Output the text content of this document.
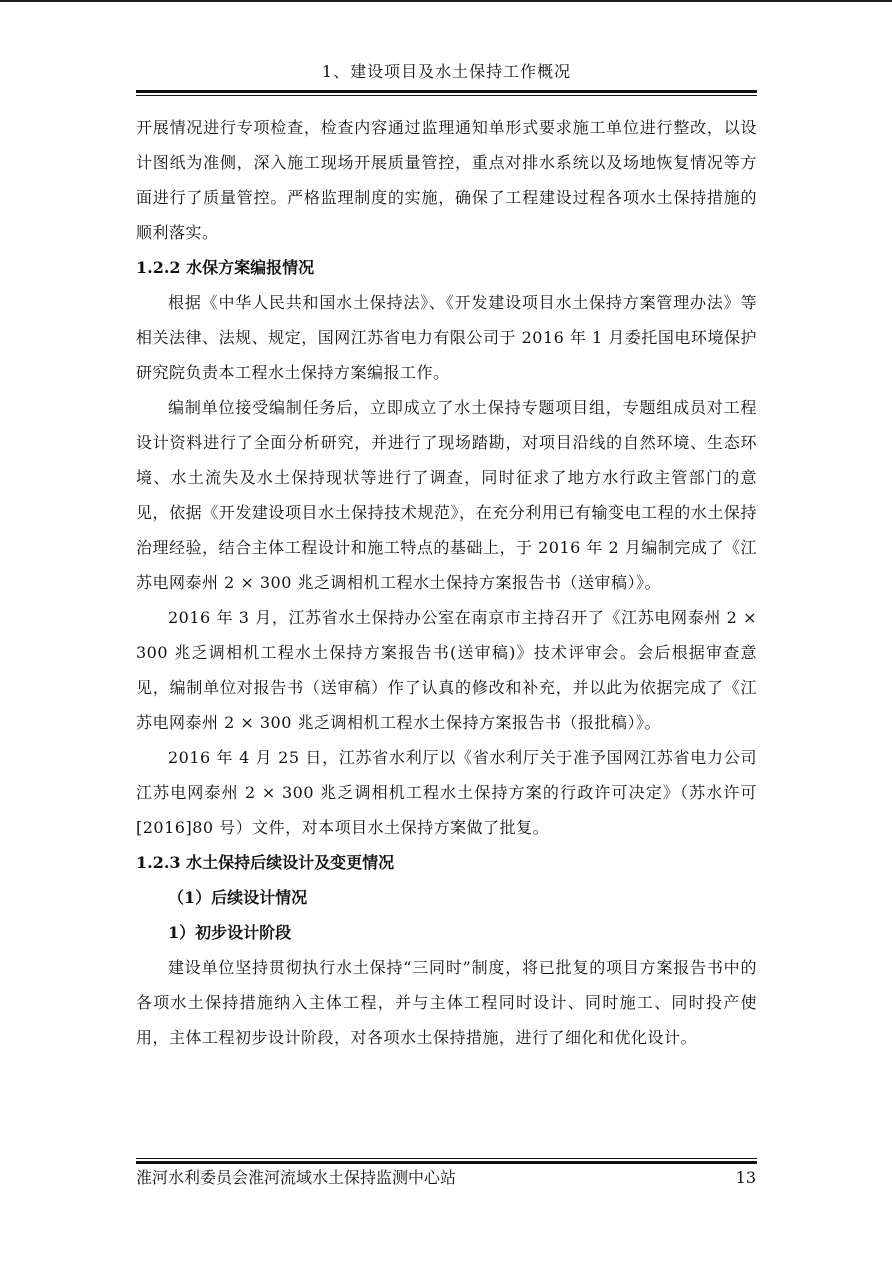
1、建设项目及水土保持工作概况

开展情况进行专项检查，检查内容通过监理通知单形式要求施工单位进行整改，以设计图纸为准侧，深入施工现场开展质量管控，重点对排水系统以及场地恢复情况等方面进行了质量管控。严格监理制度的实施，确保了工程建设过程各项水土保持措施的顺利落实。

1.2.2 水保方案编报情况

根据《中华人民共和国水土保持法》、《开发建设项目水土保持方案管理办法》等相关法律、法规、规定，国网江苏省电力有限公司于 2016 年 1 月委托国电环境保护研究院负责本工程水土保持方案编报工作。

编制单位接受编制任务后，立即成立了水土保持专题项目组，专题组成员对工程设计资料进行了全面分析研究，并进行了现场踏勘，对项目沿线的自然环境、生态环境、水土流失及水土保持现状等进行了调查，同时征求了地方水行政主管部门的意见，依据《开发建设项目水土保持技术规范》，在充分利用已有输变电工程的水土保持治理经验，结合主体工程设计和施工特点的基础上，于 2016 年 2 月编制完成了《江苏电网泰州 2 × 300 兆乏调相机工程水土保持方案报告书（送审稿）》。

2016 年 3 月，江苏省水土保持办公室在南京市主持召开了《江苏电网泰州 2 × 300 兆乏调相机工程水土保持方案报告书(送审稿)》技术评审会。会后根据审查意见，编制单位对报告书（送审稿）作了认真的修改和补充，并以此为依据完成了《江苏电网泰州 2 × 300 兆乏调相机工程水土保持方案报告书（报批稿）》。

2016 年 4 月 25 日，江苏省水利厅以《省水利厅关于准予国网江苏省电力公司江苏电网泰州 2 × 300 兆乏调相机工程水土保持方案的行政许可决定》（苏水许可[2016]80 号）文件，对本项目水土保持方案做了批复。

1.2.3 水土保持后续设计及变更情况

（1）后续设计情况

1）初步设计阶段

建设单位坚持贯彻执行水土保持“三同时”制度，将已批复的项目方案报告书中的各项水土保持措施纳入主体工程，并与主体工程同时设计、同时施工、同时投产使用，主体工程初步设计阶段，对各项水土保持措施，进行了细化和优化设计。

淮河水利委员会淮河流域水土保持监测中心站	13
